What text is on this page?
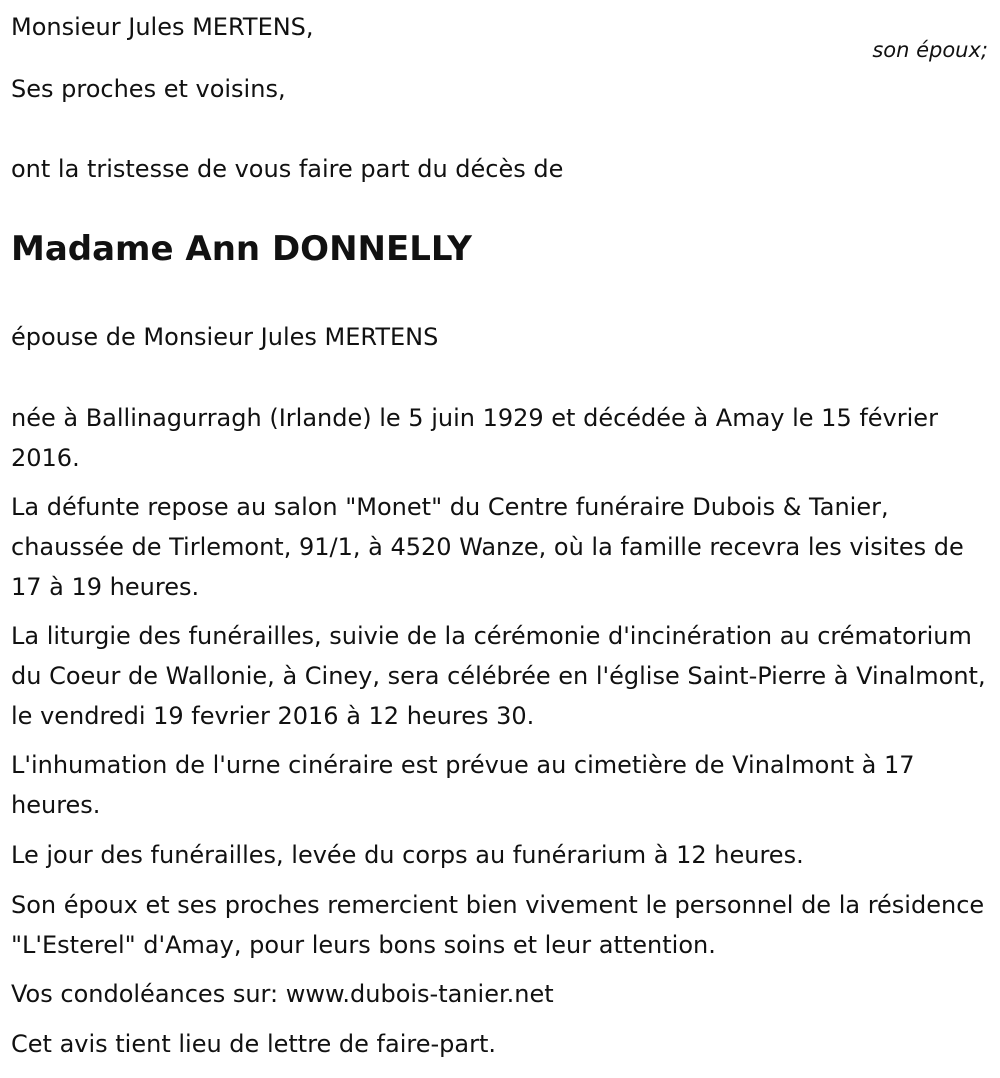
Monsieur Jules MERTENS,

Ses proches et voisins,

ont la tristesse de vous faire part du décès de

Madame Ann DONNELLY

épouse de Monsieur Jules MERTENS

née à Ballinagurragh (Irlande) le 5 juin 1929 et décédée à Amay le 15 février 2016.

La défunte repose au salon "Monet" du Centre funéraire Dubois & Tanier, chaussée de Tirlemont, 91/1, à 4520 Wanze, où la famille recevra les visites de 17 à 19 heures.

La liturgie des funérailles, suivie de la cérémonie d'incinération au crématorium du Coeur de Wallonie, à Ciney, sera célébrée en l'église Saint-Pierre à Vinalmont, le vendredi 19 fevrier 2016 à 12 heures 30.

L'inhumation de l'urne cinéraire est prévue au cimetière de Vinalmont à 17 heures.

Le jour des funérailles, levée du corps au funérarium à 12 heures.

Son époux et ses proches remercient bien vivement le personnel de la résidence "L'Esterel" d'Amay, pour leurs bons soins et leur attention.

Vos condoléances sur: www.dubois-tanier.net

Cet avis tient lieu de lettre de faire-part.

son époux;
